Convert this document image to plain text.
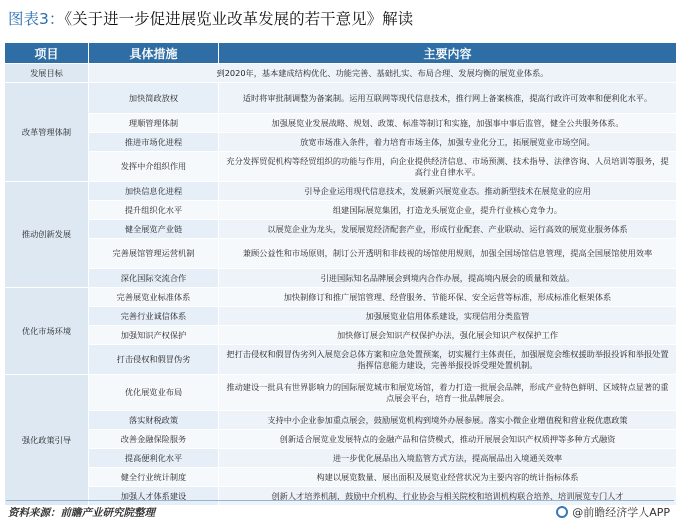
图表3：《关于进一步促进展览业改革发展的若干意见》解读
项目	具体措施	主要内容
发展目标	到2020年，基本建成结构优化、功能完善、基础扎实、布局合理、发展均衡的展览业体系。	
改革管理体制	加快简政放权	适时将审批制调整为备案制。运用互联网等现代信息技术，推行网上备案核准，提高行政许可效率和便利化水平。
	理顺管理体制	加强展览业发展战略、规划、政策、标准等制订和实施，加强事中事后监管，健全公共服务体系。
	推进市场化进程	放宽市场准入条件，着力培育市场主体，加强专业化分工，拓展展览业市场空间。
	发挥中介组织作用	充分发挥贸促机构等经贸组织的功能与作用，向企业提供经济信息、市场预测、技术指导、法律咨询、人员培训等服务，提高行业自律水平。
推动创新发展	加快信息化进程	引导企业运用现代信息技术，发展新兴展览业态。推动新型技术在展览业的应用
	提升组织化水平	组建国际展览集团，打造龙头展览企业，提升行业核心竞争力。
	健全展览产业链	以展览企业为龙头，发展展览经济配套产业，形成行业配套、产业联动、运行高效的展览业服务体系
	完善展馆管理运营机制	兼顾公益性和市场原则，制订公开透明和非歧视的场馆使用规则，加强全国场馆信息管理，提高全国展馆使用效率
	深化国际交流合作	引进国际知名品牌展会到境内合作办展，提高境内展会的质量和效益。
优化市场环境	完善展览业标准体系	加快制修订和推广展馆管理、经营服务、节能环保、安全运营等标准，形成标准化框架体系
	完善行业诚信体系	加强展览业信用体系建设，实现信用分类监管
	加强知识产权保护	加快修订展会知识产权保护办法，强化展会知识产权保护工作
	打击侵权和假冒伪劣	把打击侵权和假冒伪劣列入展览会总体方案和应急处置预案，切实履行主体责任，加强展览会维权援助举报投诉和举报处置指挥信息能力建设，完善举报投诉受理处置机制。
强化政策引导	优化展览业布局	推动建设一批具有世界影响力的国际展览城市和展览场馆，着力打造一批展会品牌，形成产业特色鲜明、区域特点显著的重点展会平台，培育一批品牌展会。
	落实财税政策	支持中小企业参加重点展会，鼓励展览机构到境外办展参展。落实小微企业增值税和营业税优惠政策
	改善金融保险服务	创新适合展览业发展特点的金融产品和信贷模式，推动开展展会知识产权质押等多种方式融资
	提高便利化水平	进一步优化展品出入境监管方式方法，提高展品出入境通关效率
	健全行业统计制度	构建以展览数量、展出面积及展览业经营状况为主要内容的统计指标体系
	加强人才体系建设	创新人才培养机制，鼓励中介机构、行业协会与相关院校和培训机构联合培养、培训展览专门人才
资料来源：前瞻产业研究院整理	@前瞻经济学人APP
